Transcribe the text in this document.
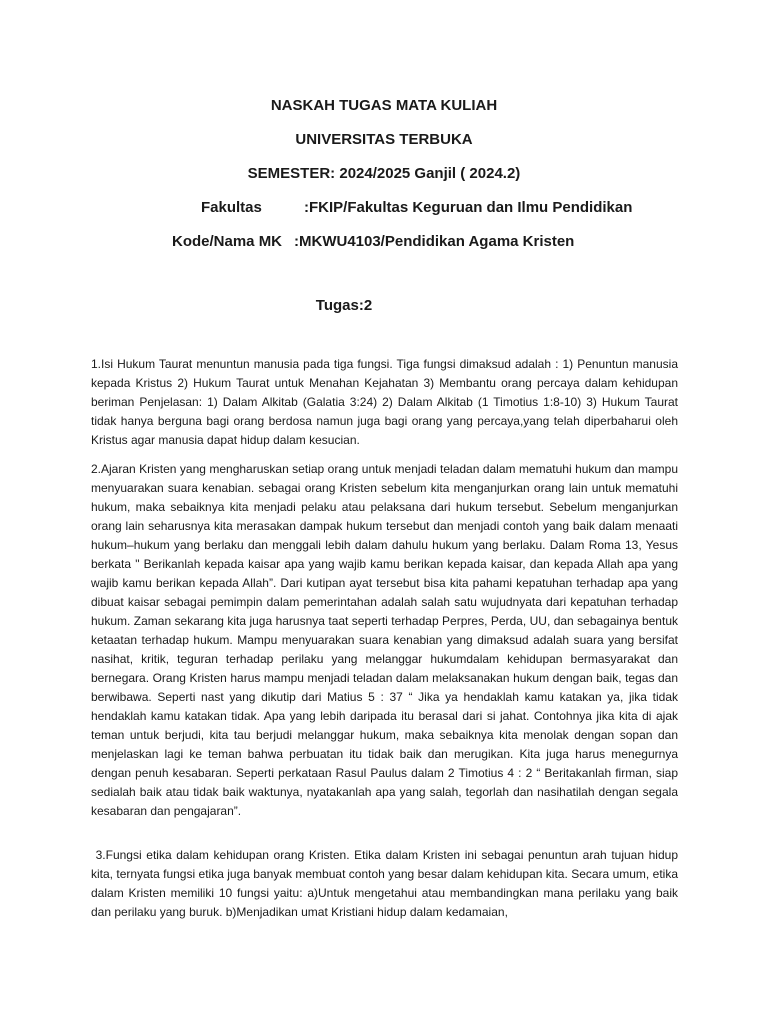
NASKAH TUGAS MATA KULIAH
UNIVERSITAS TERBUKA
SEMESTER: 2024/2025 Ganjil ( 2024.2)
Fakultas	:FKIP/Fakultas Keguruan dan Ilmu Pendidikan
Kode/Nama MK :MKWU4103/Pendidikan Agama Kristen
Tugas:2

1.Isi Hukum Taurat menuntun manusia pada tiga fungsi. Tiga fungsi dimaksud adalah : 1) Penuntun manusia kepada Kristus 2) Hukum Taurat untuk Menahan Kejahatan 3) Membantu orang percaya dalam kehidupan beriman Penjelasan: 1) Dalam Alkitab (Galatia 3:24) 2) Dalam Alkitab (1 Timotius 1:8-10) 3) Hukum Taurat tidak hanya berguna bagi orang berdosa namun juga bagi orang yang percaya,yang telah diperbaharui oleh Kristus agar manusia dapat hidup dalam kesucian.

2.Ajaran Kristen yang mengharuskan setiap orang untuk menjadi teladan dalam mematuhi hukum dan mampu menyuarakan suara kenabian. sebagai orang Kristen sebelum kita menganjurkan orang lain untuk mematuhi hukum, maka sebaiknya kita menjadi pelaku atau pelaksana dari hukum tersebut. Sebelum menganjurkan orang lain seharusnya kita merasakan dampak hukum tersebut dan menjadi contoh yang baik dalam menaati hukum–hukum yang berlaku dan menggali lebih dalam dahulu hukum yang berlaku. Dalam Roma 13, Yesus berkata " Berikanlah kepada kaisar apa yang wajib kamu berikan kepada kaisar, dan kepada Allah apa yang wajib kamu berikan kepada Allah”. Dari kutipan ayat tersebut bisa kita pahami kepatuhan terhadap apa yang dibuat kaisar sebagai pemimpin dalam pemerintahan adalah salah satu wujudnyata dari kepatuhan terhadap hukum. Zaman sekarang kita juga harusnya taat seperti terhadap Perpres, Perda, UU, dan sebagainya bentuk ketaatan terhadap hukum. Mampu menyuarakan suara kenabian yang dimaksud adalah suara yang bersifat nasihat, kritik, teguran terhadap perilaku yang melanggar hukumdalam kehidupan bermasyarakat dan bernegara. Orang Kristen harus mampu menjadi teladan dalam melaksanakan hukum dengan baik, tegas dan berwibawa. Seperti nast yang dikutip dari Matius 5 : 37 “ Jika ya hendaklah kamu katakan ya, jika tidak hendaklah kamu katakan tidak. Apa yang lebih daripada itu berasal dari si jahat. Contohnya jika kita di ajak teman untuk berjudi, kita tau berjudi melanggar hukum, maka sebaiknya kita menolak dengan sopan dan menjelaskan lagi ke teman bahwa perbuatan itu tidak baik dan merugikan. Kita juga harus menegurnya dengan penuh kesabaran. Seperti perkataan Rasul Paulus dalam 2 Timotius 4 : 2 “ Beritakanlah firman, siap sedialah baik atau tidak baik waktunya, nyatakanlah apa yang salah, tegorlah dan nasihatilah dengan segala kesabaran dan pengajaran”.

3.Fungsi etika dalam kehidupan orang Kristen. Etika dalam Kristen ini sebagai penuntun arah tujuan hidup kita, ternyata fungsi etika juga banyak membuat contoh yang besar dalam kehidupan kita. Secara umum, etika dalam Kristen memiliki 10 fungsi yaitu: a)Untuk mengetahui atau membandingkan mana perilaku yang baik dan perilaku yang buruk. b)Menjadikan umat Kristiani hidup dalam kedamaian,
